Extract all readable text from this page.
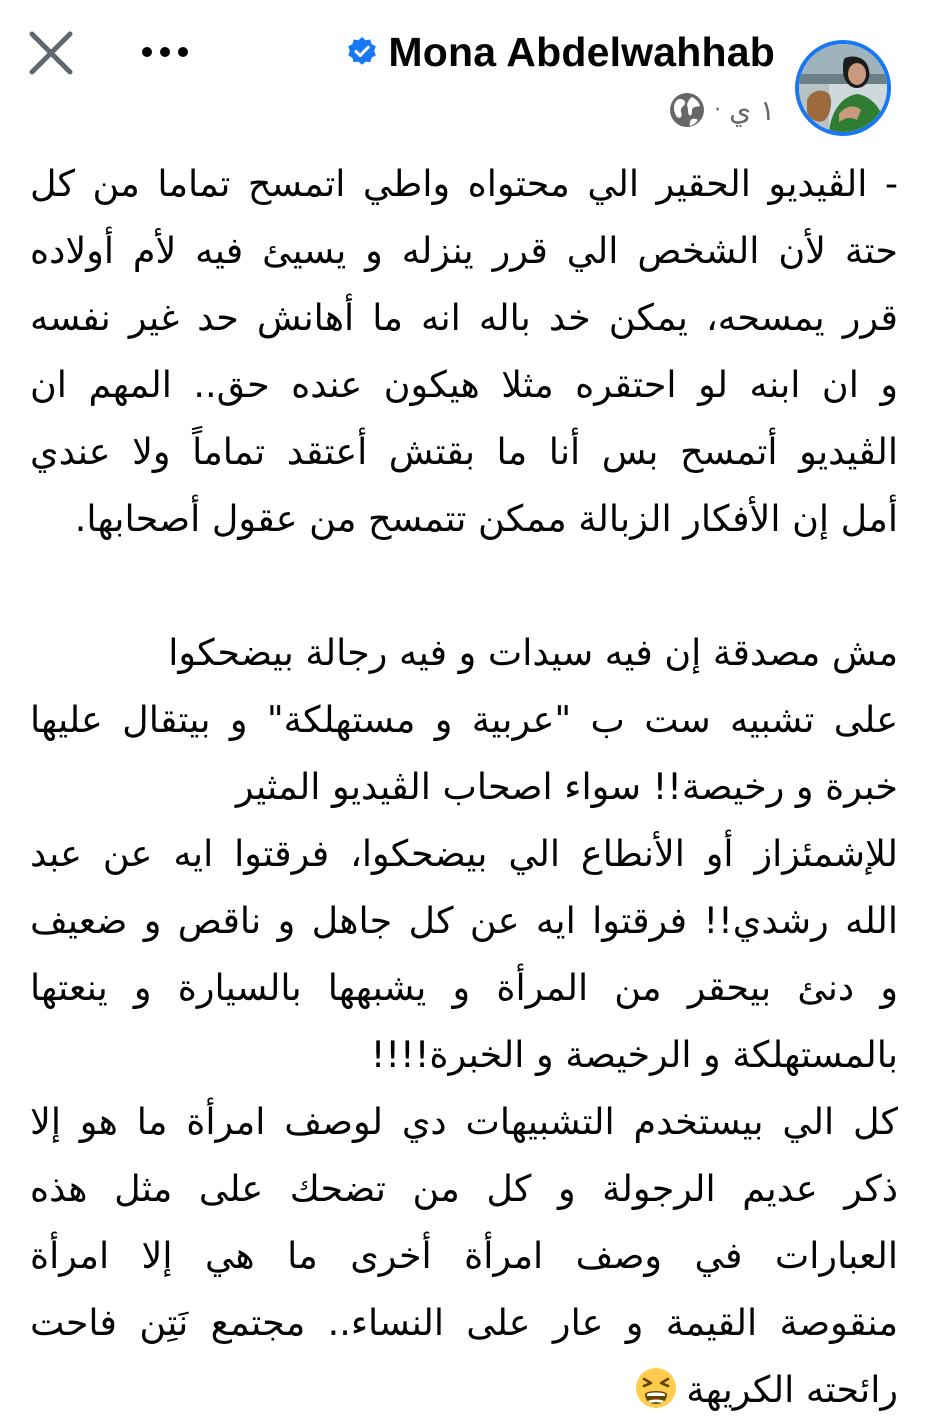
Mona Abdelwahhab
· ١ ي
- الڤيديو الحقير الي محتواه واطي اتمسح تماما من كل
حتة لأن الشخص الي قرر ينزله و يسيئ فيه لأم أولاده
قرر يمسحه، يمكن خد باله انه ما أهانش حد غير نفسه
و ان ابنه لو احتقره مثلا هيكون عنده حق.. المهم ان
الڤيديو أتمسح بس أنا ما بقتش أعتقد تماماً ولا عندي
أمل إن الأفكار الزبالة ممكن تتمسح من عقول أصحابها.
مش مصدقة إن فيه سيدات و فيه رجالة بيضحكوا
على تشبيه ست ب "عربية و مستهلكة" و بيتقال عليها
خبرة و رخيصة!! سواء اصحاب الڤيديو المثير
للإشمئزاز أو الأنطاع الي بيضحكوا، فرقتوا ايه عن عبد
الله رشدي!! فرقتوا ايه عن كل جاهل و ناقص و ضعيف
و دنئ بيحقر من المرأة و يشبهها بالسيارة و ينعتها
بالمستهلكة و الرخيصة و الخبرة!!!!
كل الي بيستخدم التشبيهات دي لوصف امرأة ما هو إلا
ذكر عديم الرجولة و كل من تضحك على مثل هذه
العبارات في وصف امرأة أخرى ما هي إلا امرأة
منقوصة القيمة و عار على النساء.. مجتمع نَتِن فاحت
رائحته الكريهة
